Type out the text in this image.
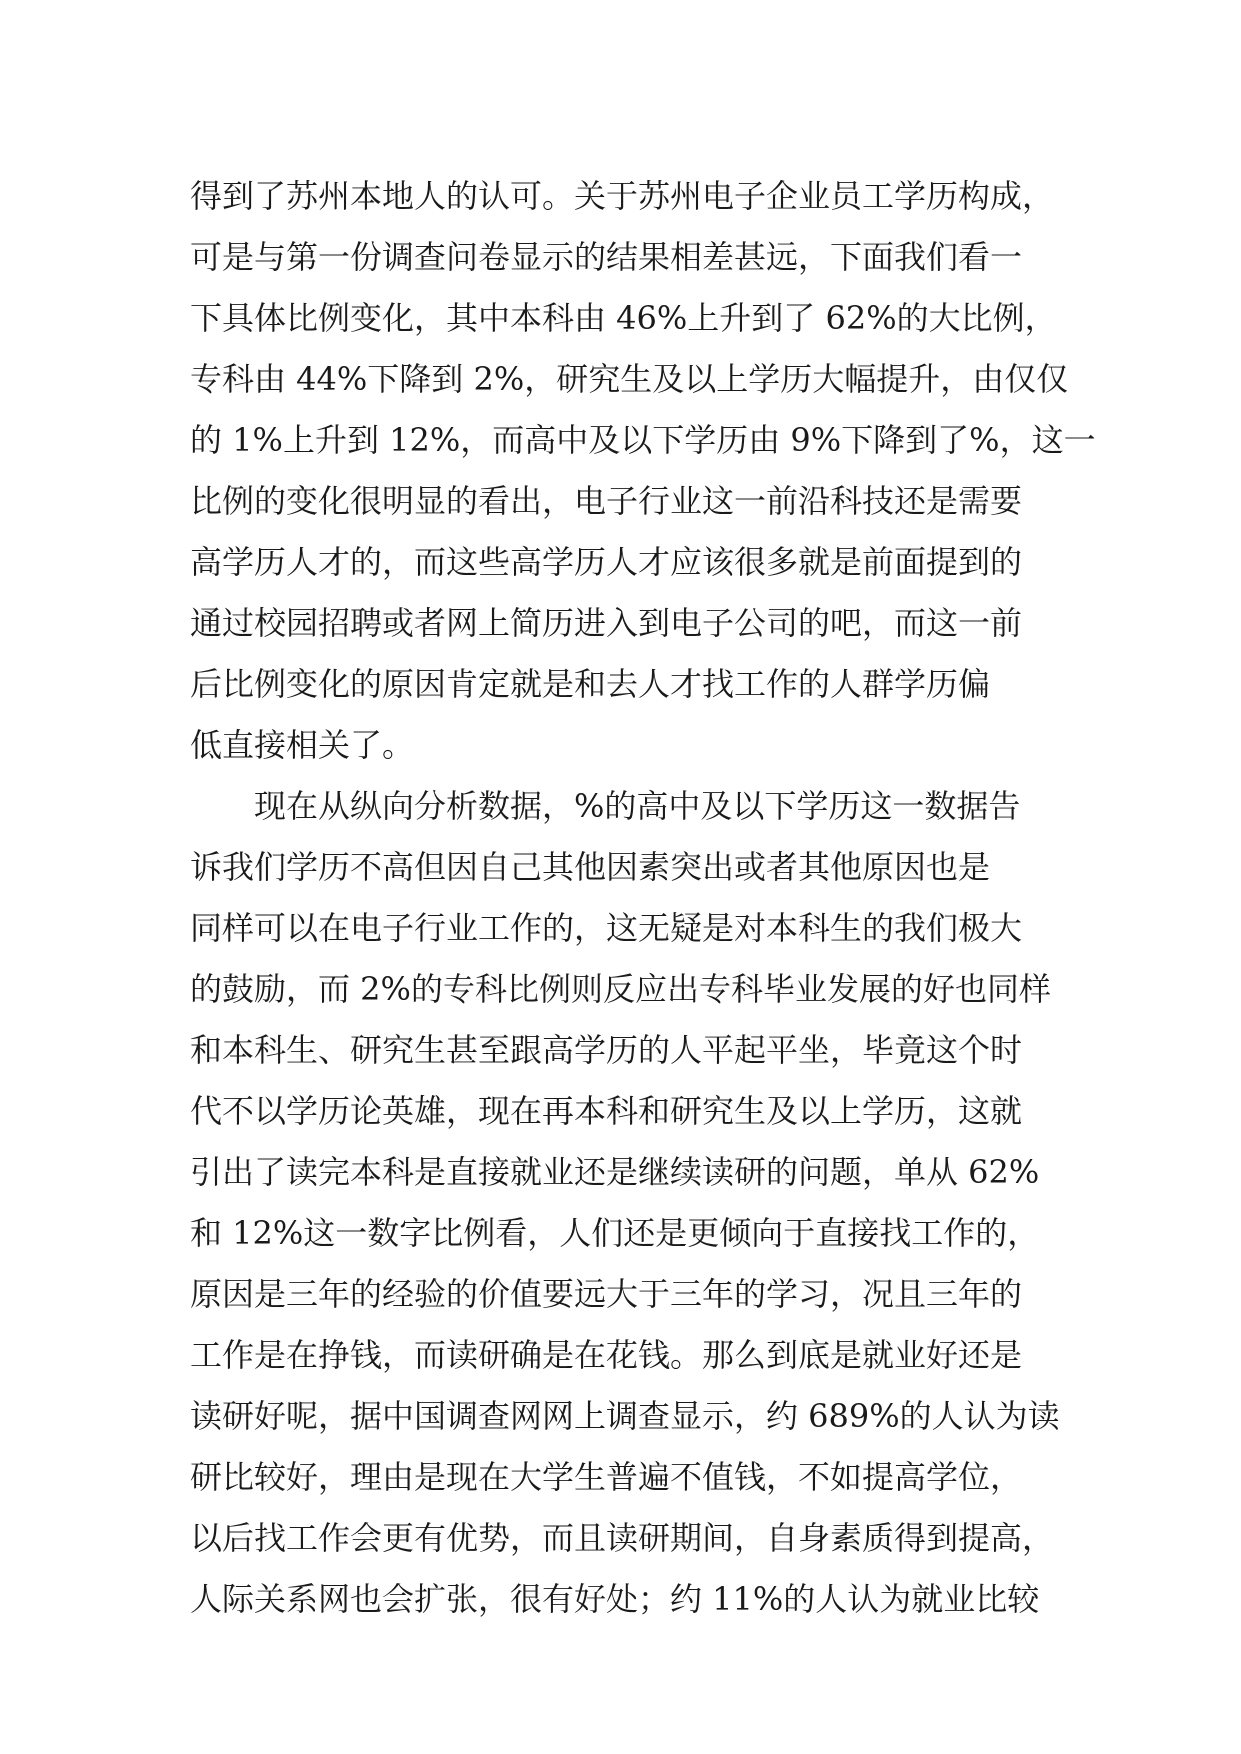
得到了苏州本地人的认可。关于苏州电子企业员工学历构成，
可是与第一份调查问卷显示的结果相差甚远，下面我们看一
下具体比例变化，其中本科由 46%上升到了 62%的大比例，
专科由 44%下降到 2%，研究生及以上学历大幅提升，由仅仅
的 1%上升到 12%，而高中及以下学历由 9%下降到了%，这一
比例的变化很明显的看出，电子行业这一前沿科技还是需要
高学历人才的，而这些高学历人才应该很多就是前面提到的
通过校园招聘或者网上简历进入到电子公司的吧，而这一前
后比例变化的原因肯定就是和去人才找工作的人群学历偏
低直接相关了。
现在从纵向分析数据，%的高中及以下学历这一数据告
诉我们学历不高但因自己其他因素突出或者其他原因也是
同样可以在电子行业工作的，这无疑是对本科生的我们极大
的鼓励，而 2%的专科比例则反应出专科毕业发展的好也同样
和本科生、研究生甚至跟高学历的人平起平坐，毕竟这个时
代不以学历论英雄，现在再本科和研究生及以上学历，这就
引出了读完本科是直接就业还是继续读研的问题，单从 62%
和 12%这一数字比例看，人们还是更倾向于直接找工作的，
原因是三年的经验的价值要远大于三年的学习，况且三年的
工作是在挣钱，而读研确是在花钱。那么到底是就业好还是
读研好呢，据中国调查网网上调查显示，约 689%的人认为读
研比较好，理由是现在大学生普遍不值钱，不如提高学位，
以后找工作会更有优势，而且读研期间，自身素质得到提高，
人际关系网也会扩张，很有好处；约 11%的人认为就业比较
